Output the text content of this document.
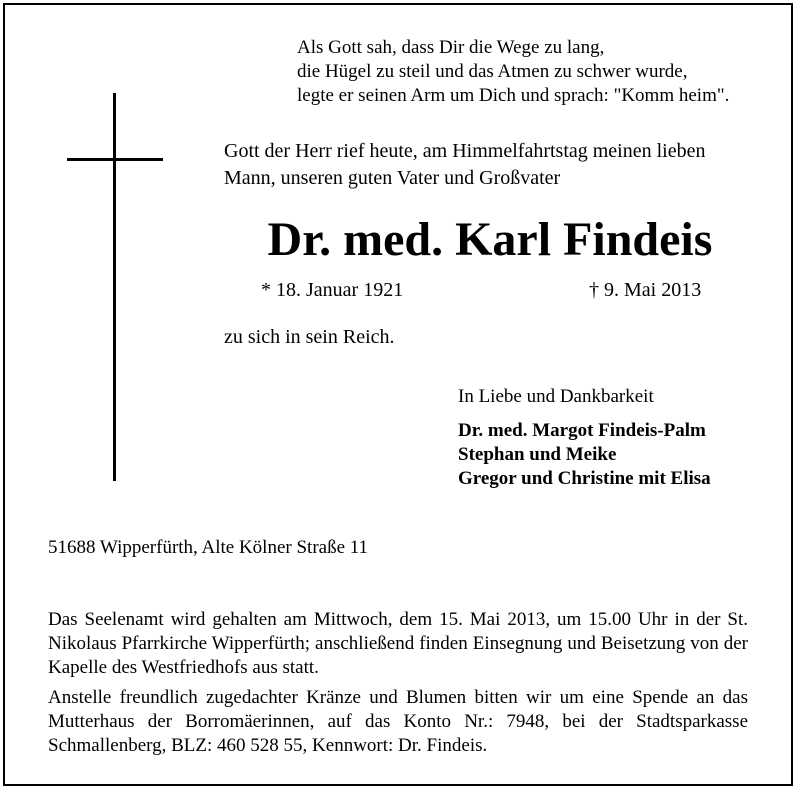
Als Gott sah, dass Dir die Wege zu lang,
die Hügel zu steil und das Atmen zu schwer wurde,
legte er seinen Arm um Dich und sprach: "Komm heim".
Gott der Herr rief heute, am Himmelfahrtstag meinen lieben
Mann, unseren guten Vater und Großvater
Dr. med. Karl Findeis
* 18. Januar 1921	† 9. Mai 2013
zu sich in sein Reich.
In Liebe und Dankbarkeit
Dr. med. Margot Findeis-Palm
Stephan und Meike
Gregor und Christine mit Elisa
51688 Wipperfürth, Alte Kölner Straße 11
Das Seelenamt wird gehalten am Mittwoch, dem 15. Mai 2013, um 15.00 Uhr in der St. Nikolaus Pfarrkirche Wipperfürth; anschließend finden Einsegnung und Beisetzung von der Kapelle des Westfriedhofs aus statt.
Anstelle freundlich zugedachter Kränze und Blumen bitten wir um eine Spende an das Mutterhaus der Borromäerinnen, auf das Konto Nr.: 7948, bei der Stadtsparkasse Schmallenberg, BLZ: 460 528 55, Kennwort: Dr. Findeis.
